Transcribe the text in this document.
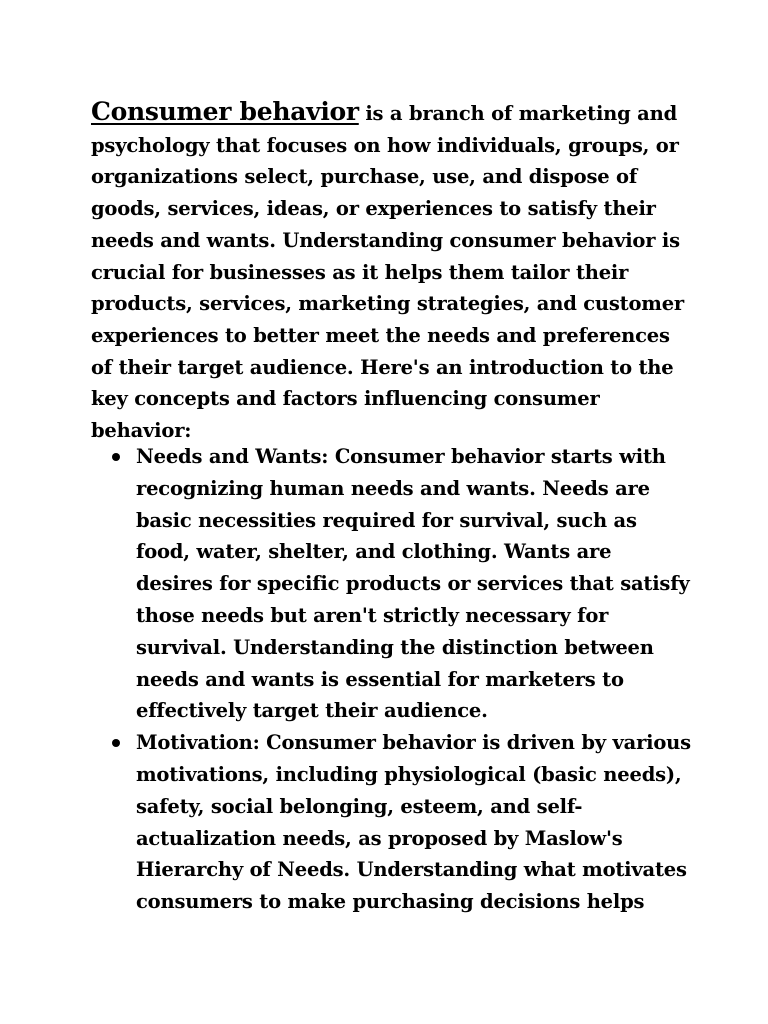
Consumer behavior is a branch of marketing and psychology that focuses on how individuals, groups, or organizations select, purchase, use, and dispose of goods, services, ideas, or experiences to satisfy their needs and wants. Understanding consumer behavior is crucial for businesses as it helps them tailor their products, services, marketing strategies, and customer experiences to better meet the needs and preferences of their target audience. Here's an introduction to the key concepts and factors influencing consumer behavior:

Needs and Wants: Consumer behavior starts with recognizing human needs and wants. Needs are basic necessities required for survival, such as food, water, shelter, and clothing. Wants are desires for specific products or services that satisfy those needs but aren't strictly necessary for survival. Understanding the distinction between needs and wants is essential for marketers to effectively target their audience.
Motivation: Consumer behavior is driven by various motivations, including physiological (basic needs), safety, social belonging, esteem, and self-actualization needs, as proposed by Maslow's Hierarchy of Needs. Understanding what motivates consumers to make purchasing decisions helps
